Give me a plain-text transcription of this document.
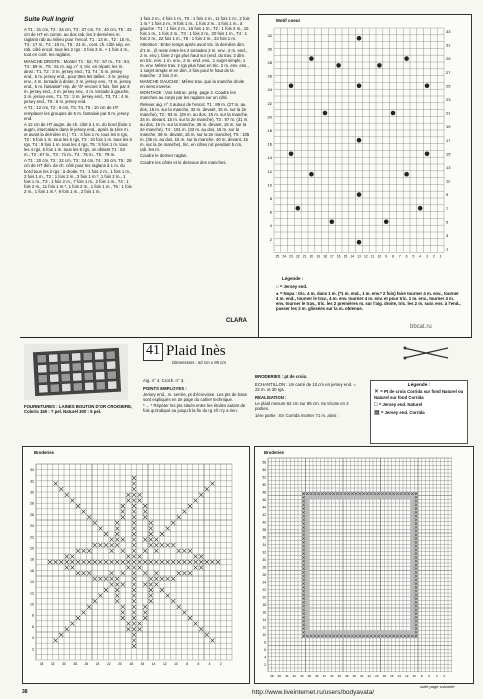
Suite Pull Ingrid

A T1 : 31 cm, T2 : 34 cm, T3 : 37 cm, T4 : 40 cm, T5 : 43 cm de HT en comm. au dos rab. les 3 dernières m. raglans rab au milieu pour l'encol. T1 : 13 m., T2 : 15 m., T3 : 17 m., T4 : 19 m., T5 : 21 m., cont. ch. côté sép. en rab. côté encol. tous les 2 rgs : 2 fois 3 m. + 1 fois 4 m., tout en cont. les raglans.

MANCHE DROITE : Monter T1 : 52, T2 : 57 m., T3 : 54, T4 : 59 m., T5 : 61 m. aig. n° 4, tric. en répart. les m. ainsi : T1, T2 : 3 m. jersey end., T3, T4 : 5 m. jersey end., 6 m. jersey end., pour tttes les tailles : 2 m. jersey env., 4 m. torsade à droite, 2 m. jersey env., *3 m. jersey end., 5 m. fantaisie* rep. de *à* encore 3 fois, finir par 3 m. jersey end., 2 m. jersey env., 4 m. torsade à gauche, 2 m. jersey env., T1, T2 : 3 m. jersey end., T3, T4 : 4 m. jersey end., T5 : 6 m. jersey end.

A T1 : 12 cm, T2 : 9 cm, T3, T4, T5 : 10 cm de HT remplacer les groupes de 5 m. fantaisie par 5 m. jersey end.

A 12 cm de HT augm. de ch. côté à 1 m. du bord (faire 1 augm. intercalaire dans le jersey end., après la 1ère m. et avant la dernière m.) : T1 : 3 fois 1 m. tous les 6 rgs, T2 : 5 fois 1 m. tous les 6 rgs, T3 : 10 fois 1 m. tous les 6 rgs, T4 : 9 fois 1 m. tous les 4 rgs, T5 : 5 fois 1 m. tous les 4 rgs, 6 fois 1 m. tous les 6 rgs, on obtient T1 : 63 m., T2 : 67 m., T3 : 71 m., T4 : 75 m., T5 : 79 m.

A T1 : 20 cm, T2 : 22 cm, T3 : 24 cm, T4 : 26 cm, T5 : 28 cm de HT dim. de ch. côté pour les raglans à 1 m. du bord tous les 2 rgs : à droite, T1 : 1 fois 2 m., 1 fois 1 m., 2 fois 1 m., T2 : 1 fois 2 m., 3 fois 1 m.*, 1 fois 2 m., 1 fois 1 m., T3 : 1 fois 2 m., 7 fois 1 m., 2 fois 1 m., T4 : 1 fois 2 m., 11 fois 1 m.*, 1 fois 2 m., 1 fois 1 m., T5 : 1 fois 2 m., 1 fois 1 m.*, 9 fois 1 m., 2 fois 1 m.

1 fois 2 m., 4 fois 1 m., T5 : 1 fois 2 m., 11 fois 1 m., 2 fois 1 m.* 1 fois 2 m., 9 fois 1 m., 1 fois 2 m., 1 fois 1 m., à gauche : T1 : 1 fois 2 m., 16 fois 1 m., T2 : 1 fois 2 m., 16 fois 1 m., 1 fois 2 m., T3 : 1 fois 2 m., 20 fois 1 m., T4 : 1 fois 2 m., 22 fois 1 m., T5 : 1 fois 2 m., 24 fois 1 m.

Attention : Entre temps après avoir tric. la dernière dim. d'1 m., (il reste entre les 2 torsades 2 m. env., 2 m. end., 2 m. env.), faire 2 rgs plus haut sur (end. du trav. 2 dim. en tric. ens. 1 m. env., 2 m. end. ens., 1 surjet simple, 1 m. env. Même trav. 2 rgs plus haut en tric. 2 m. env. ens., 1 surjet simple et en dim. 2 fois pour le haut de la manche : 2 fois 3 m.

MANCHE GAUCHE : Même trav. que la manche droite en sens inverse.

MONTAGE : Voir instruc. prép. page 2. Coudre les manches au corps par les raglans sur un côté.

Relever aig. n° 3 autour de l'encol. T1 : 89 m. (27 m. au dos, 15 m. sur la manche, 32 m. devant, 15 m. sur la 2e manche), T2 : 93 m. (29 m. au dos, 15 m. sur la manche, 34 m. devant, 15 m. sur la 2e manche), T3 : 97 m. (31 m. au dos, 15 m. sur la manche, 36 m. devant, 15 m. sur la 2e manche), T4 : 101 m. (33 m. au dos, 15 m. sur la manche, 38 m. devant, 15 m. sur la 2e manche), T5 : 105 m. (35 m. au dos, 15 m. sur la manche, 40 m. devant, 15 m. sur la 2e manche), tric. en côtes niz pendant 5 cm, rab. les m.

Coudre le dernier raglan.

Coudre les côtés et le dessous des manches.

CLARA
Motif coeur
32
30
28
26
24
22
20
18
16
14
12
10
8
6
4
2
33
31
29
27
25
23
21
19
17
15
13
11
9
7
5
3
1
25 24 23 22 21 20 19 18 17 16 15 14 13 12 11 10 9 8 7 6 5 4 3 2 1
Légende :
□ = Jersey end.
● = Nopa : tric. 4 m. dans 1 m. (*1 m. end., 1 m. env.* 2 fois) faire tourner 4 m. env., tourner 4 m. end., tourner le trav., 4 m. env. tourner 4 m. env. et pour tric. 1 m. env., tourner 4 m. env. tourner le trav., tric. les 2 premières m. sur l'aig. droite, tric. les 2 m. suiv. ens. à l'end., passer les 2 m. glissées sur la m. obtenue.
41 Plaid Inès
Dimensions : 62 cm x 95 cm
FOURNITURES : LAINES BOUTON D'OR CROISIERE, Coloris 150 : 7 pel. Naturel 300 : 5 pel.

Aig. n° 4. Croch. n° 3.

POINTS EMPLOYES :

Jersey end., m. serrée, pt d'écrevisse. Les pts de base sont expliqués en 2e page du cahier technique.

* ... * Répéter les pts situés entre les étoiles autant de fois qu'indiqué ou jusqu'à la fin du rg s'il n'y a rien.

BRODERIES : pt de croix.

ECHANTILLON : Un carré de 10 cm en jersey end. = 22 m. et 30 rgs.

REALISATION :

Le plaid mesure 62 cm sur 95 cm. Se tricote en 2 parties.

1ère partie : En Corrida monter 71 m. ainsi :

Légende :
✕ = Pt de croix Corrida sur fond Naturel ou Naturel sur fond Corrida
□ = Jersey end. Naturel
▦ = Jersey end. Corrida
Broderies
34
32
30
28
26
24
22
20
18
16
14
12
10
8
6
4
2
34 32 30 28 26 24 22 20 18 16 14 12 10	8	6	4	2
Broderies
56
54
52
50
48
46
44
42
40
38
36
34
32
30
28
26
24
22
20
18
16
14
12
10
8
6
4
2
48 46 44 42 40 38 36 34 32 30 28 26 24 22 20 18 16 14 12 10 8 6 4 2
suite page suivante
38	http://www.liveinternet.ru/users/bodyavata/
bbcat.ru
